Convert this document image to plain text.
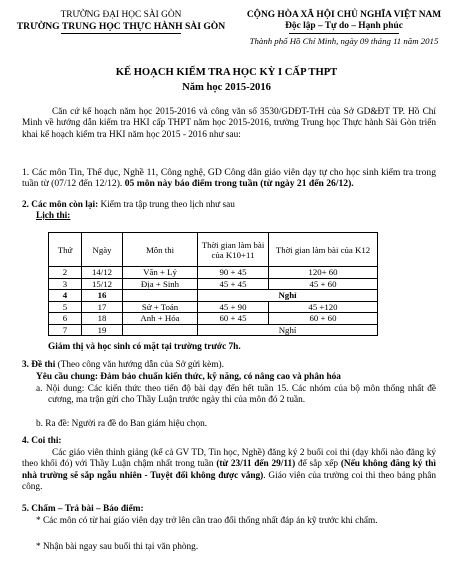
TRƯỜNG ĐẠI HỌC SÀI GÒN
TRƯỜNG TRUNG HỌC THỰC HÀNH SÀI GÒN
CỘNG HÒA XÃ HỘI CHỦ NGHĨA VIỆT NAM
Độc lập – Tự do – Hạnh phúc
Thành phố Hồ Chí Minh, ngày 09 tháng 11 năm 2015
KẾ HOẠCH KIỂM TRA HỌC KỲ I CẤP THPT
Năm học 2015-2016
Căn cứ kế hoạch năm học 2015-2016 và công văn số 3530/GDĐT-TrH của Sở GD&ĐT TP. Hồ Chí Minh về hướng dẫn kiểm tra HKI cấp THPT năm học 2015-2016, trường Trung học Thực hành Sài Gòn triển khai kế hoạch kiểm tra HKI năm học 2015 - 2016 như sau:
1. Các môn Tin, Thể dục, Nghề 11, Công nghệ, GD Công dân giáo viên dạy tự cho học sinh kiểm tra trong tuần từ (07/12 đến 12/12). 05 môn này báo điểm trong tuần (từ ngày 21 đến 26/12).
2. Các môn còn lại: Kiểm tra tập trung theo lịch như sau
Lịch thi:
Thứ	Ngày	Môn thi	Thời gian làm bài của K10+11	Thời gian làm bài của K12
2	14/12	Văn + Lý	90 + 45	120+ 60
3	15/12	Địa + Sinh	45 + 45	45 + 60
4	16		Nghỉ	
5	17	Sử + Toán	45 + 90	45 +120
6	18	Anh + Hóa	60 + 45	60 + 60
7	19		Nghỉ	
Giám thị và học sinh có mặt tại trường trước 7h.
3. Đề thi (Theo công văn hướng dẫn của Sở gửi kèm).
Yêu cầu chung: Đảm bảo chuẩn kiến thức, kỹ năng, có nâng cao và phân hóa
a. Nội dung: Các kiến thức theo tiến độ bài dạy đến hết tuần 15. Các nhóm của bộ môn thống nhất đề cương, ma trận gửi cho Thầy Luận trước ngày thi của môn đó 2 tuần.
b. Ra đề: Người ra đề do Ban giám hiệu chọn.
4. Coi thi:
Các giáo viên thỉnh giảng (kể cả GV TD, Tin học, Nghề) đăng ký 2 buổi coi thi (dạy khối nào đăng ký theo khối đó) với Thầy Luận chậm nhất trong tuần (từ 23/11 đến 29/11) để sắp xếp (Nếu không đăng ký thì nhà trường sẽ sắp ngẫu nhiên - Tuyệt đối không được vắng). Giáo viên của trường coi thi theo bảng phân công.
5. Chấm – Trả bài – Báo điểm:
* Các môn có từ hai giáo viên dạy trở lên cần trao đổi thống nhất đáp án kỹ trước khi chấm.
* Nhận bài ngay sau buổi thi tại văn phòng.
